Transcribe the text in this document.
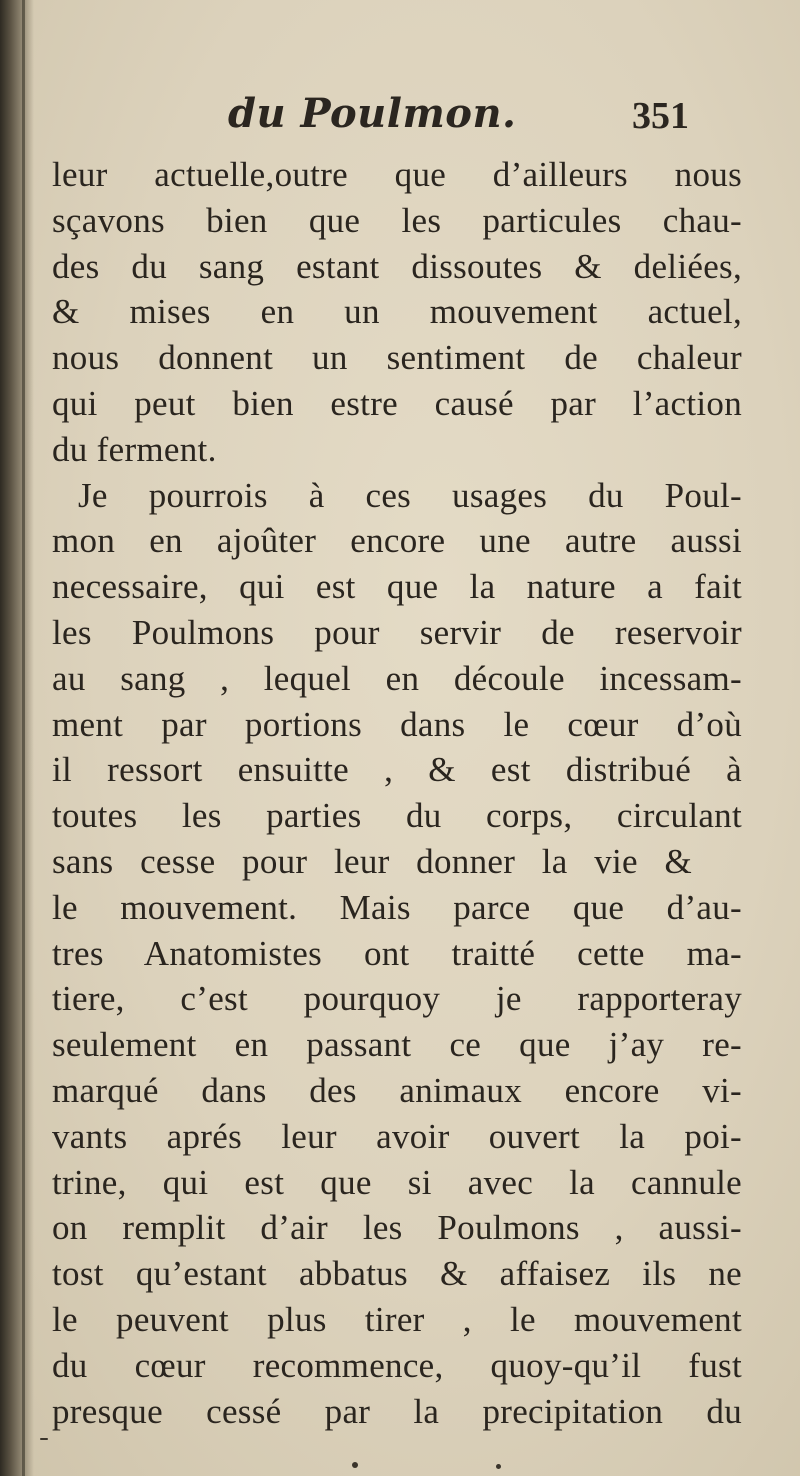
du Poulmon.	351
leur actuelle,outre que d’ailleurs nous
sçavons bien que les particules chau-
des du sang estant dissoutes & deliées,
& mises en un mouvement actuel,
nous donnent un sentiment de chaleur
qui peut bien estre causé par l’action
du ferment.
Je pourrois à ces usages du Poul-
mon en ajoûter encore une autre aussi
necessaire, qui est que la nature a fait
les Poulmons pour servir de reservoir
au sang , lequel en découle incessam-
ment par portions dans le cœur d’où
il ressort ensuitte , & est distribué à
toutes les parties du corps, circulant
sans cesse pour leur donner la vie &
le mouvement. Mais parce que d’au-
tres Anatomistes ont traitté cette ma-
tiere, c’est pourquoy je rapporteray
seulement en passant ce que j’ay re-
marqué dans des animaux encore vi-
vants aprés leur avoir ouvert la poi-
trine, qui est que si avec la cannule
on remplit d’air les Poulmons , aussi-
tost qu’estant abbatus & affaisez ils ne
le peuvent plus tirer , le mouvement
du cœur recommence, quoy-qu’il fust
presque cessé par la precipitation du
